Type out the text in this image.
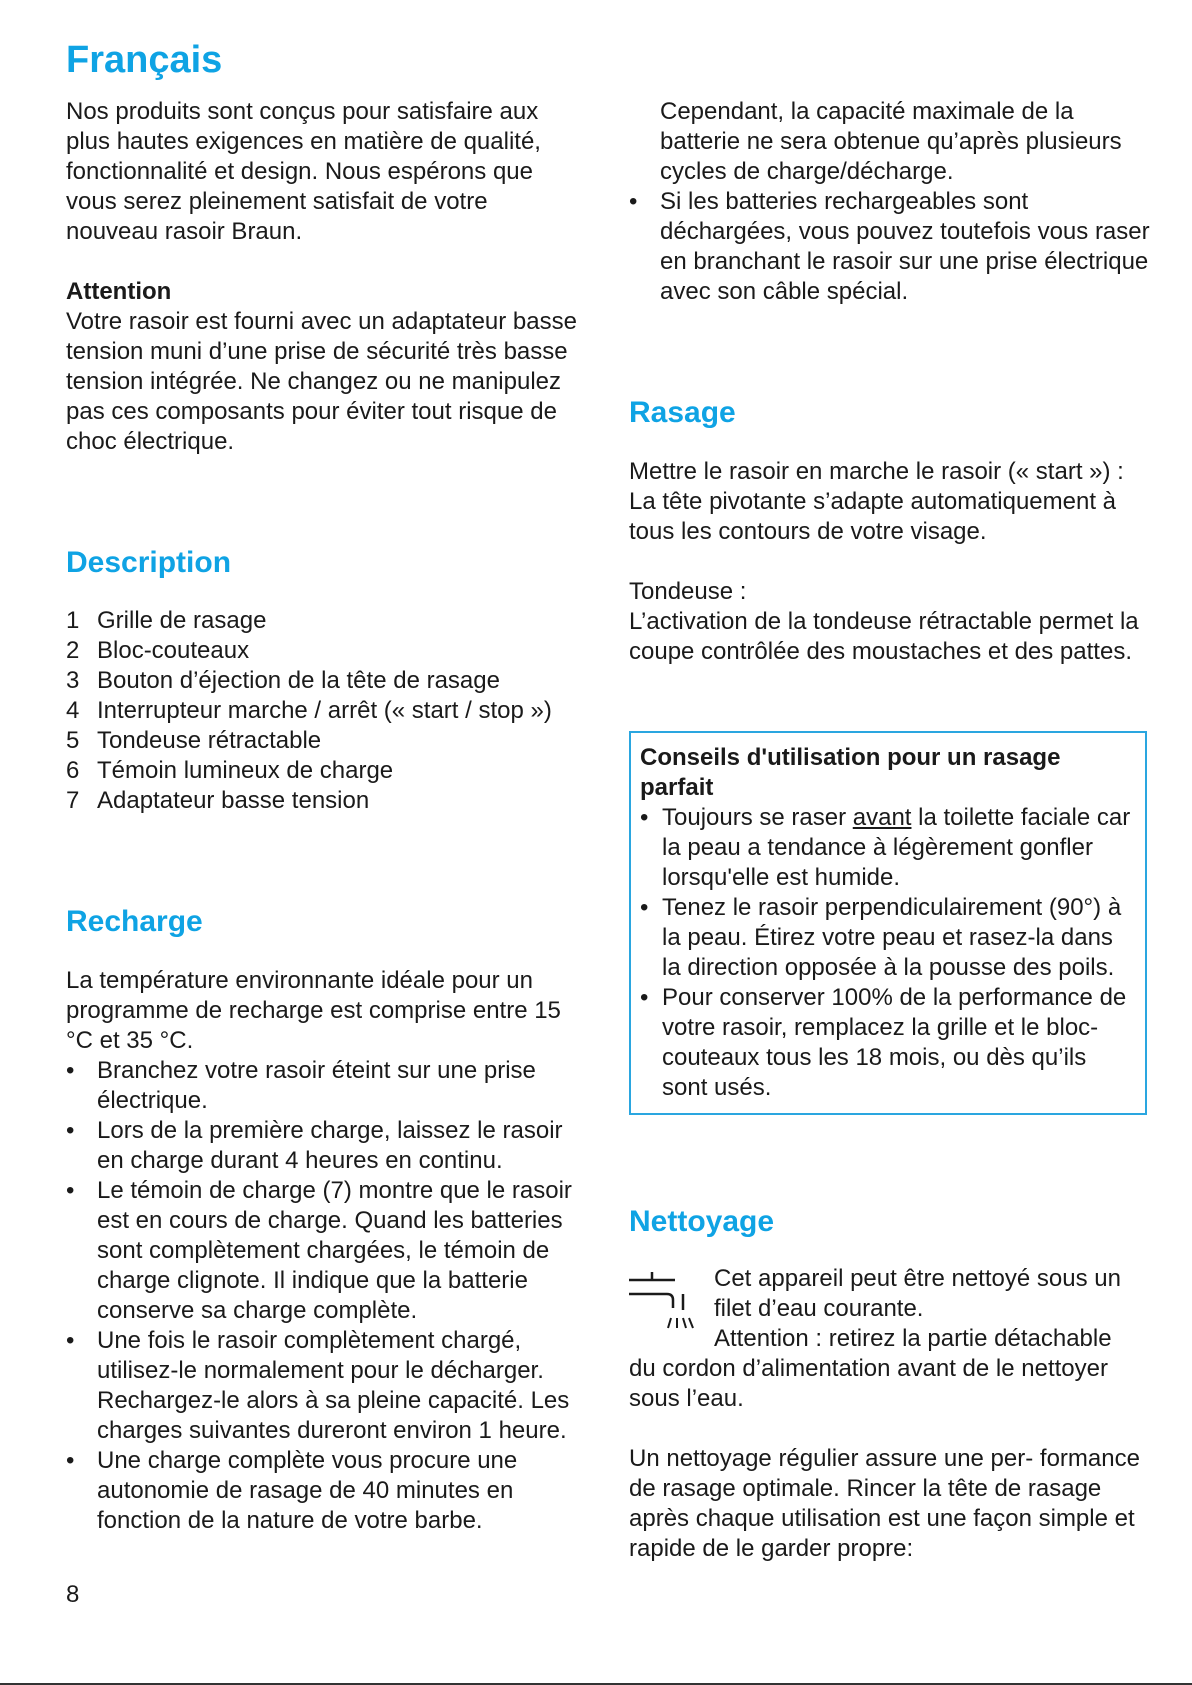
Français

Nos produits sont conçus pour satisfaire aux plus hautes exigences en matière de qualité, fonctionnalité et design. Nous espérons que vous serez pleinement satisfait de votre nouveau rasoir Braun.

Attention

Votre rasoir est fourni avec un adaptateur basse tension muni d’une prise de sécurité très basse tension intégrée. Ne changez ou ne manipulez pas ces composants pour éviter tout risque de choc électrique.

Description
1 Grille de rasage
2 Bloc-couteaux
3 Bouton d’éjection de la tête de rasage
4 Interrupteur marche / arrêt (« start / stop »)
5 Tondeuse rétractable
6 Témoin lumineux de charge
7 Adaptateur basse tension
Recharge

La température environnante idéale pour un programme de recharge est comprise entre 15 °C et 35 °C.

• Branchez votre rasoir éteint sur une prise électrique.
• Lors de la première charge, laissez le rasoir en charge durant 4 heures en continu.
• Le témoin de charge (7) montre que le rasoir est en cours de charge. Quand les batteries sont complètement chargées, le témoin de charge clignote. Il indique que la batterie conserve sa charge complète.
• Une fois le rasoir complètement chargé, utilisez-le normalement pour le décharger. Rechargez-le alors à sa pleine capacité. Les charges suivantes dureront environ 1 heure.
• Une charge complète vous procure une autonomie de rasage de 40 minutes en fonction de la nature de votre barbe.

8

Cependant, la capacité maximale de la batterie ne sera obtenue qu’après plusieurs cycles de charge/décharge.

• Si les batteries rechargeables sont déchargées, vous pouvez toutefois vous raser en branchant le rasoir sur une prise électrique avec son câble spécial.
Rasage

Mettre le rasoir en marche le rasoir (« start ») : La tête pivotante s’adapte automatiquement à tous les contours de votre visage.

Tondeuse :

L’activation de la tondeuse rétractable permet la coupe contrôlée des moustaches et des pattes.

Conseils d'utilisation pour un rasage parfait

• Toujours se raser avant la toilette faciale car la peau a tendance à légèrement gonfler lorsqu'elle est humide.
• Tenez le rasoir perpendiculairement (90°) à la peau. Étirez votre peau et rasez-la dans la direction opposée à la pousse des poils.
• Pour conserver 100% de la performance de votre rasoir, remplacez la grille et le bloc-couteaux tous les 18 mois, ou dès qu’ils sont usés.
Nettoyage

Cet appareil peut être nettoyé sous un

filet d’eau courante.

Attention : retirez la partie détachable

du cordon d’alimentation avant de le nettoyer sous l’eau.

Un nettoyage régulier assure une per- formance de rasage optimale. Rincer la tête de rasage après chaque utilisation est une façon simple et rapide de le garder propre:
